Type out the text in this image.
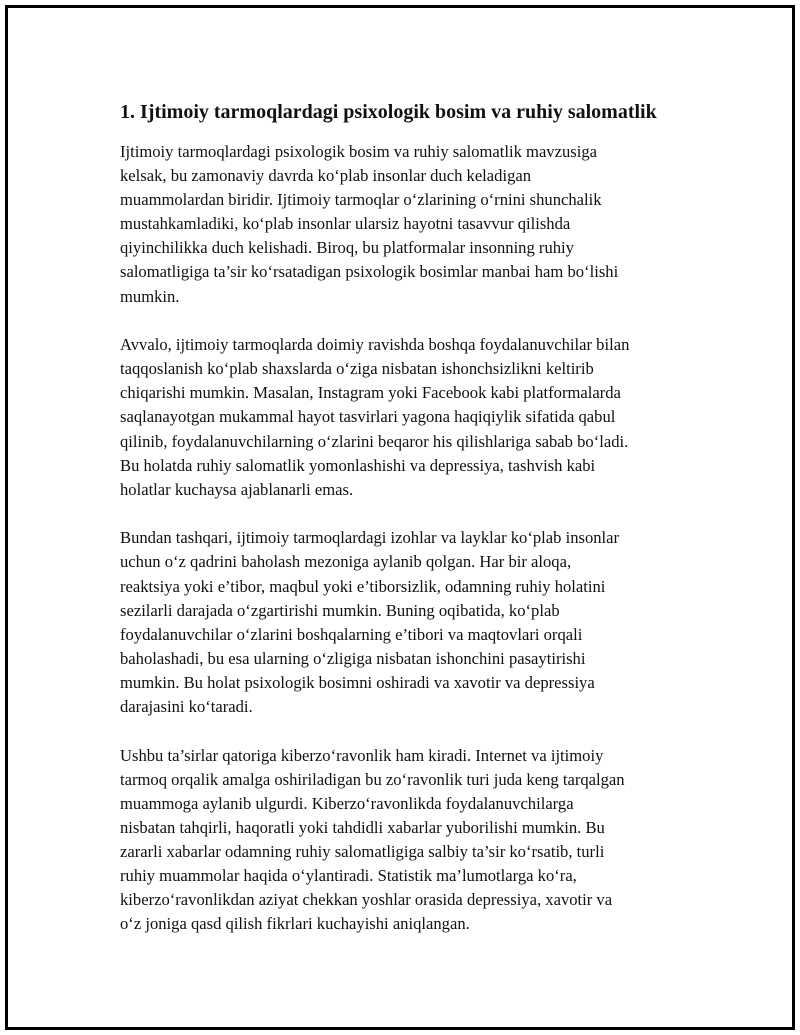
1. Ijtimoiy tarmoqlardagi psixologik bosim va ruhiy salomatlik

Ijtimoiy tarmoqlardagi psixologik bosim va ruhiy salomatlik mavzusiga
kelsak, bu zamonaviy davrda ko‘plab insonlar duch keladigan
muammolardan biridir. Ijtimoiy tarmoqlar o‘zlarining o‘rnini shunchalik
mustahkamladiki, ko‘plab insonlar ularsiz hayotni tasavvur qilishda
qiyinchilikka duch kelishadi. Biroq, bu platformalar insonning ruhiy
salomatligiga ta’sir ko‘rsatadigan psixologik bosimlar manbai ham bo‘lishi
mumkin.

Avvalo, ijtimoiy tarmoqlarda doimiy ravishda boshqa foydalanuvchilar bilan
taqqoslanish ko‘plab shaxslarda o‘ziga nisbatan ishonchsizlikni keltirib
chiqarishi mumkin. Masalan, Instagram yoki Facebook kabi platformalarda
saqlanayotgan mukammal hayot tasvirlari yagona haqiqiylik sifatida qabul
qilinib, foydalanuvchilarning o‘zlarini beqaror his qilishlariga sabab bo‘ladi.
Bu holatda ruhiy salomatlik yomonlashishi va depressiya, tashvish kabi
holatlar kuchaysa ajablanarli emas.

Bundan tashqari, ijtimoiy tarmoqlardagi izohlar va layklar ko‘plab insonlar
uchun o‘z qadrini baholash mezoniga aylanib qolgan. Har bir aloqa,
reaktsiya yoki e’tibor, maqbul yoki e’tiborsizlik, odamning ruhiy holatini
sezilarli darajada o‘zgartirishi mumkin. Buning oqibatida, ko‘plab
foydalanuvchilar o‘zlarini boshqalarning e’tibori va maqtovlari orqali
baholashadi, bu esa ularning o‘zligiga nisbatan ishonchini pasaytirishi
mumkin. Bu holat psixologik bosimni oshiradi va xavotir va depressiya
darajasini ko‘taradi.

Ushbu ta’sirlar qatoriga kiberzo‘ravonlik ham kiradi. Internet va ijtimoiy
tarmoq orqalik amalga oshiriladigan bu zo‘ravonlik turi juda keng tarqalgan
muammoga aylanib ulgurdi. Kiberzo‘ravonlikda foydalanuvchilarga
nisbatan tahqirli, haqoratli yoki tahdidli xabarlar yuborilishi mumkin. Bu
zararli xabarlar odamning ruhiy salomatligiga salbiy ta’sir ko‘rsatib, turli
ruhiy muammolar haqida o‘ylantiradi. Statistik ma’lumotlarga ko‘ra,
kiberzo‘ravonlikdan aziyat chekkan yoshlar orasida depressiya, xavotir va
o‘z joniga qasd qilish fikrlari kuchayishi aniqlangan.
